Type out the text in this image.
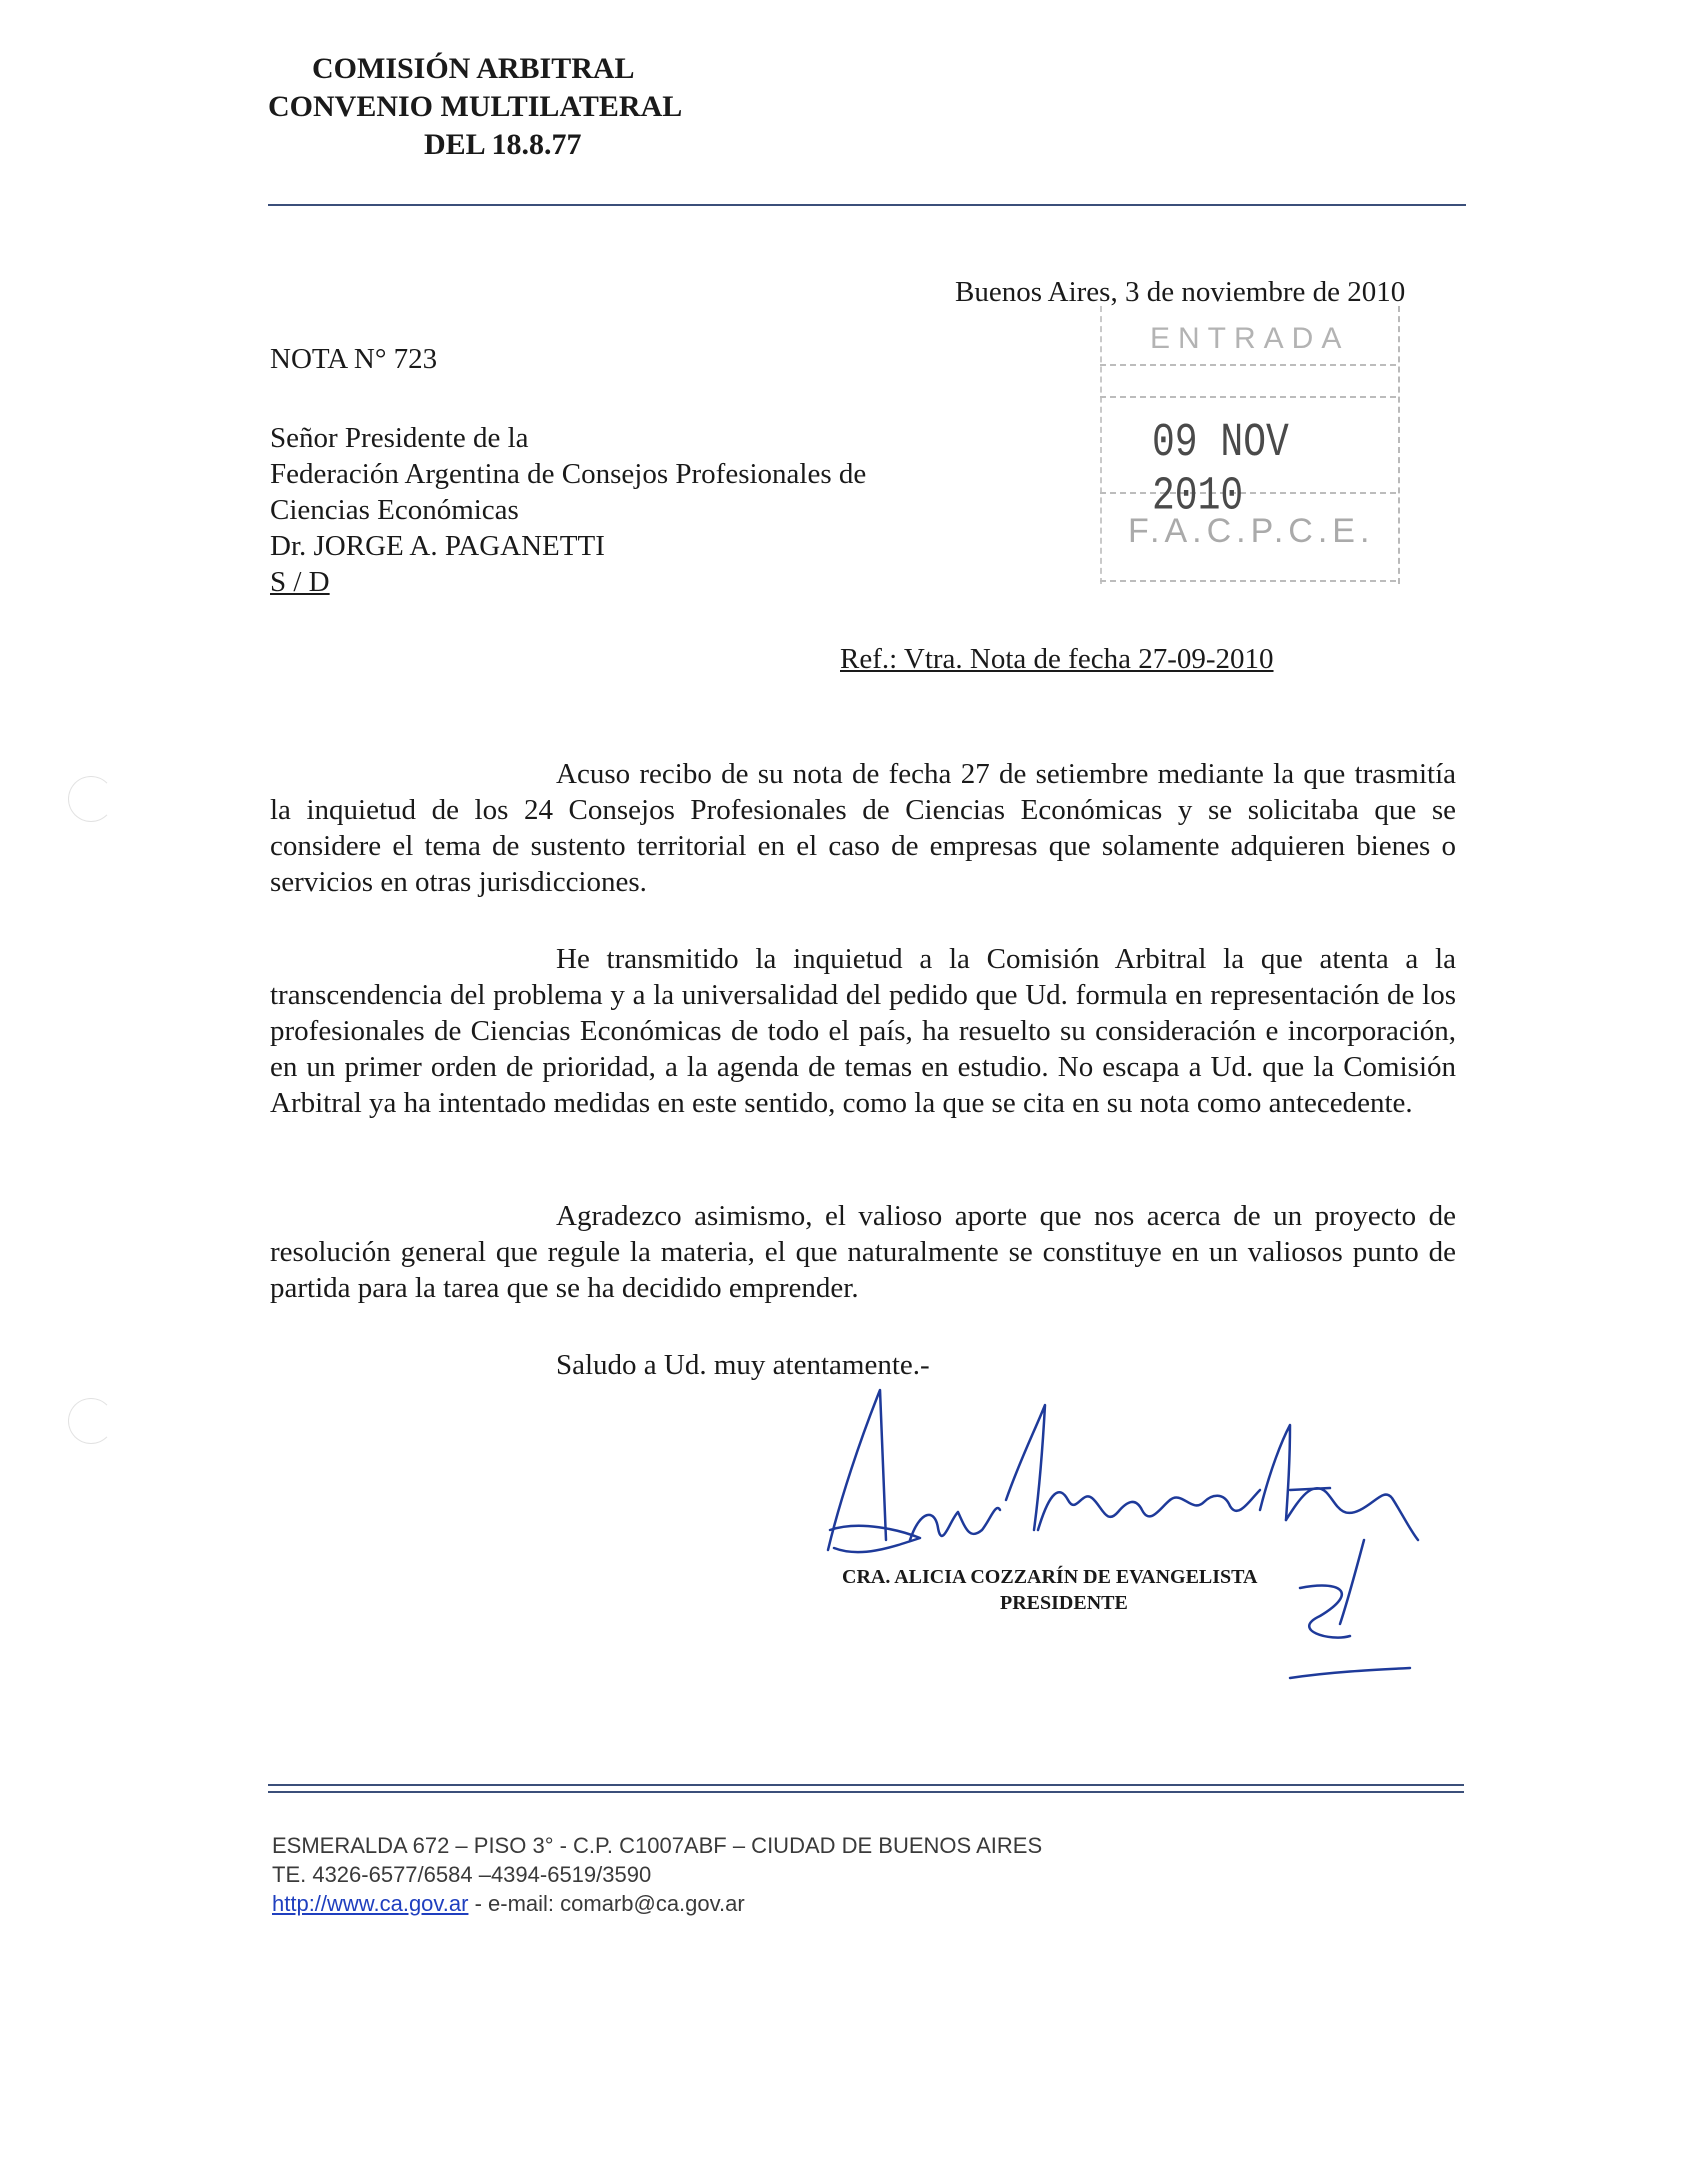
COMISIÓN ARBITRAL
CONVENIO MULTILATERAL
DEL 18.8.77
Buenos Aires, 3 de noviembre de 2010
NOTA N° 723
Señor Presidente de la
Federación Argentina de Consejos Profesionales de
Ciencias Económicas
Dr. JORGE A. PAGANETTI
S / D
ENTRADA
09 NOV 2010
F.A.C.P.C.E.
Ref.: Vtra. Nota de fecha 27-09-2010

Acuso recibo de su nota de fecha 27 de setiembre mediante la que trasmitía la inquietud de los 24 Consejos Profesionales de Ciencias Económicas y se solicitaba que se considere el tema de sustento territorial en el caso de empresas que solamente adquieren bienes o servicios en otras jurisdicciones.

He transmitido la inquietud a la Comisión Arbitral la que atenta a la transcendencia del problema y a la universalidad del pedido que Ud. formula en representación de los profesionales de Ciencias Económicas de todo el país, ha resuelto su consideración e incorporación, en un primer orden de prioridad, a la agenda de temas en estudio. No escapa a Ud. que la Comisión Arbitral ya ha intentado medidas en este sentido, como la que se cita en su nota como antecedente.

Agradezco asimismo, el valioso aporte que nos acerca de un proyecto de resolución general que regule la materia, el que naturalmente se constituye en un valiosos punto de partida para la tarea que se ha decidido emprender.

Saludo a Ud. muy atentamente.-
CRA. ALICIA COZZARÍN DE EVANGELISTA
PRESIDENTE
ESMERALDA 672 – PISO 3° - C.P. C1007ABF – CIUDAD DE BUENOS AIRES
TE. 4326-6577/6584 –4394-6519/3590
http://www.ca.gov.ar - e-mail: comarb@ca.gov.ar
